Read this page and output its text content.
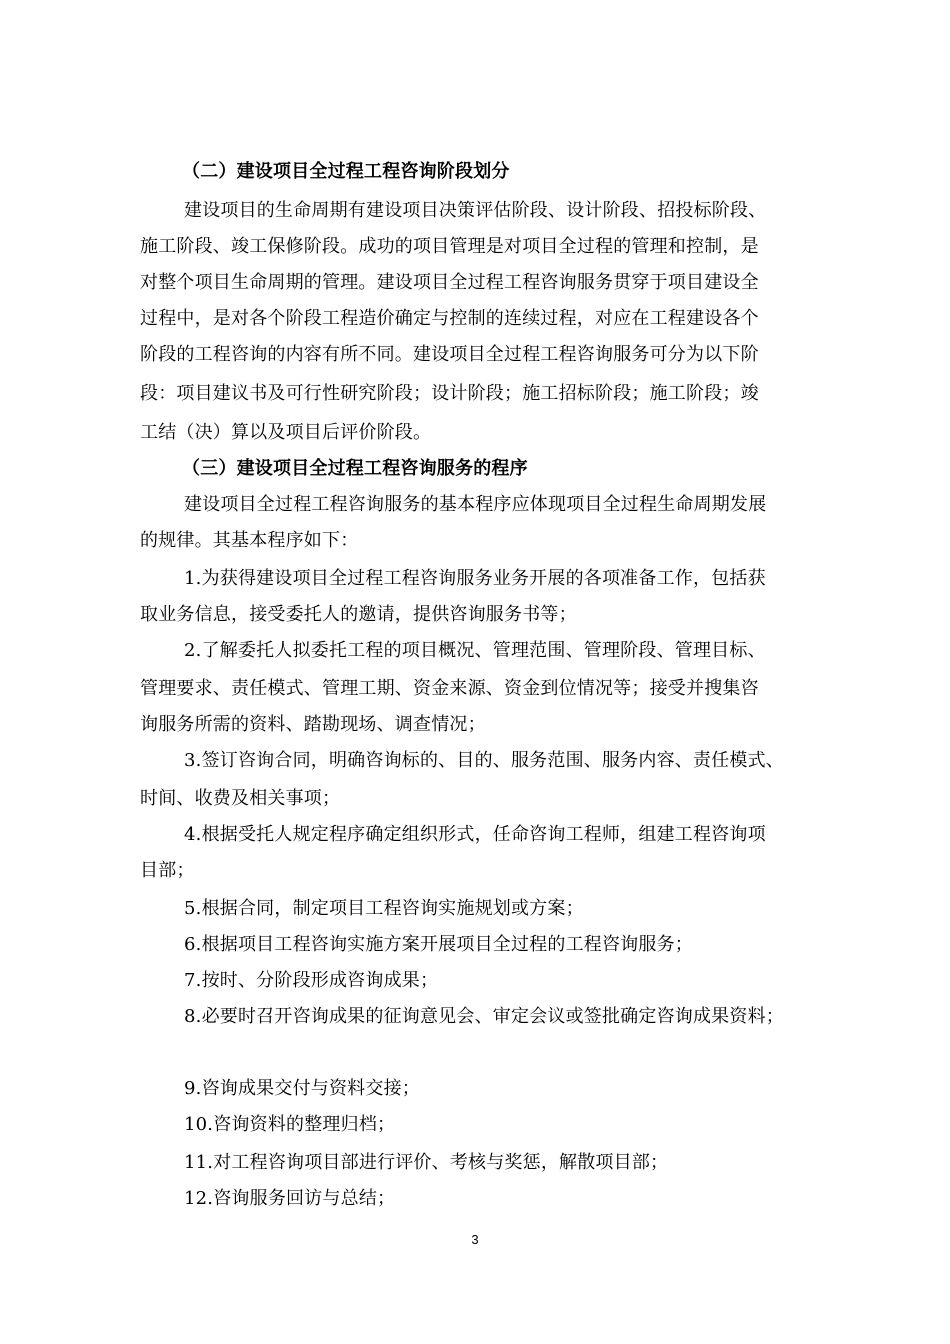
（二）建设项目全过程工程咨询阶段划分
建设项目的生命周期有建设项目决策评估阶段、设计阶段、招投标阶段、
施工阶段、竣工保修阶段。成功的项目管理是对项目全过程的管理和控制，是
对整个项目生命周期的管理。建设项目全过程工程咨询服务贯穿于项目建设全
过程中，是对各个阶段工程造价确定与控制的连续过程，对应在工程建设各个
阶段的工程咨询的内容有所不同。建设项目全过程工程咨询服务可分为以下阶
段：项目建议书及可行性研究阶段；设计阶段；施工招标阶段；施工阶段；竣
工结（决）算以及项目后评价阶段。
（三）建设项目全过程工程咨询服务的程序
建设项目全过程工程咨询服务的基本程序应体现项目全过程生命周期发展
的规律。其基本程序如下：
1.为获得建设项目全过程工程咨询服务业务开展的各项准备工作，包括获
取业务信息，接受委托人的邀请，提供咨询服务书等；
2.了解委托人拟委托工程的项目概况、管理范围、管理阶段、管理目标、
管理要求、责任模式、管理工期、资金来源、资金到位情况等；接受并搜集咨
询服务所需的资料、踏勘现场、调查情况；
3.签订咨询合同，明确咨询标的、目的、服务范围、服务内容、责任模式、
时间、收费及相关事项；
4.根据受托人规定程序确定组织形式，任命咨询工程师，组建工程咨询项
目部；
5.根据合同，制定项目工程咨询实施规划或方案；
6.根据项目工程咨询实施方案开展项目全过程的工程咨询服务；
7.按时、分阶段形成咨询成果；
8.必要时召开咨询成果的征询意见会、审定会议或签批确定咨询成果资料；
9.咨询成果交付与资料交接；
10.咨询资料的整理归档；
11.对工程咨询项目部进行评价、考核与奖惩，解散项目部；
12.咨询服务回访与总结；
3
